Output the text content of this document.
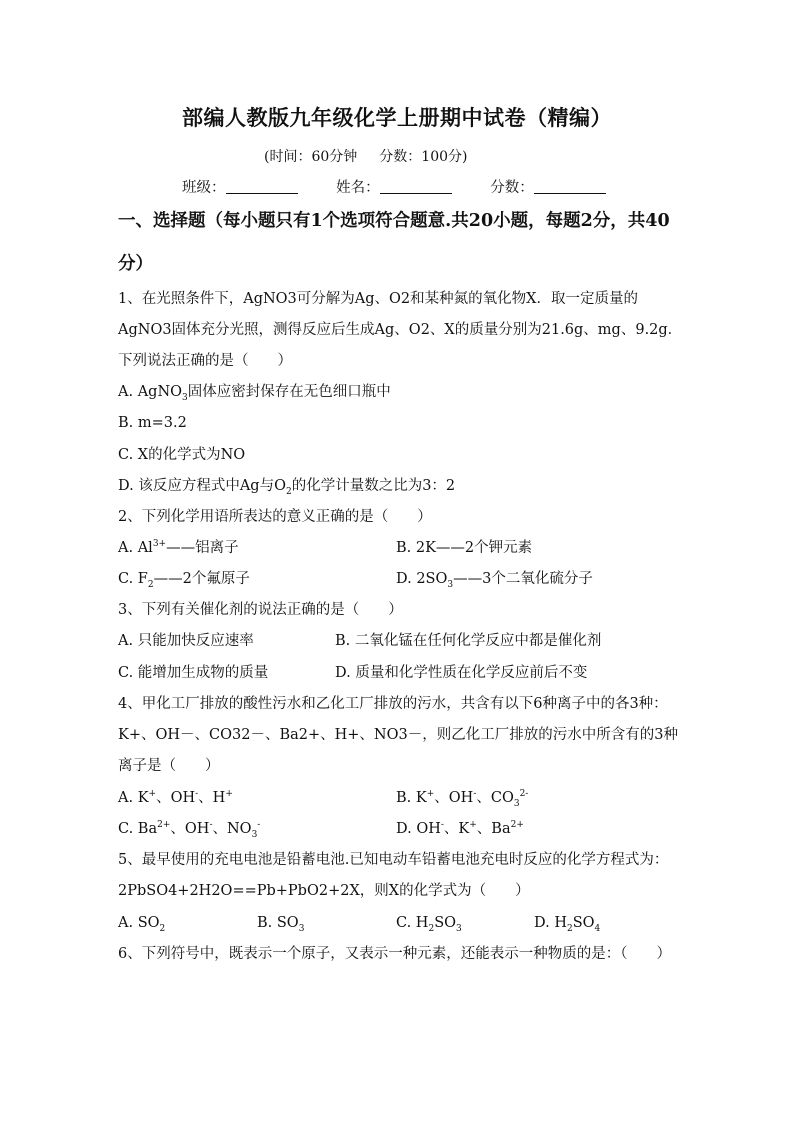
部编人教版九年级化学上册期中试卷（精编）
(时间：60分钟 分数：100分)
班级：	姓名：	分数：
一、选择题（每小题只有1个选项符合题意.共20小题，每题2分，共40分）
1、在光照条件下，AgNO3可分解为Ag、O2和某种氮的氧化物X．取一定质量的AgNO3固体充分光照，测得反应后生成Ag、O2、X的质量分别为21.6g、mg、9.2g．下列说法正确的是（　　）
A. AgNO$_3$固体应密封保存在无色细口瓶中
B. m=3.2
C. X的化学式为NO
D. 该反应方程式中Ag与$O_2$的化学计量数之比为3：2
2、下列化学用语所表达的意义正确的是（　　）
A. $Al^{3+}——$铝离子	B. 2K——2个钾元素
C. $F_2——2$个氟原子	D. $2SO_3——3$个二氧化硫分子
3、下列有关催化剂的说法正确的是（　　）
A. 只能加快反应速率	B. 二氧化锰在任何化学反应中都是催化剂
C. 能增加生成物的质量	D. 质量和化学性质在化学反应前后不变
4、甲化工厂排放的酸性污水和乙化工厂排放的污水，共含有以下6种离子中的各3种：K+、OH－、CO32－、Ba2+、H+、NO3－，则乙化工厂排放的污水中所含有的3种离子是（　　）
A. K+、OH-、H+	B. K+、OH-、$CO_3^{2-}$
C. $Ba^{2+}$、OH-、$NO_3^-$	D. OH-、K+、$Ba^{2+}$
5、最早使用的充电电池是铅蓄电池.已知电动车铅蓄电池充电时反应的化学方程式为：2PbSO4+2H2O==Pb+PbO2+2X，则X的化学式为（　　）
A. $SO_2$	B. $SO_3$	C. $H_2SO_3$	D. $H_2SO_4$
6、下列符号中，既表示一个原子，又表示一种元素，还能表示一种物质的是：（　　）
